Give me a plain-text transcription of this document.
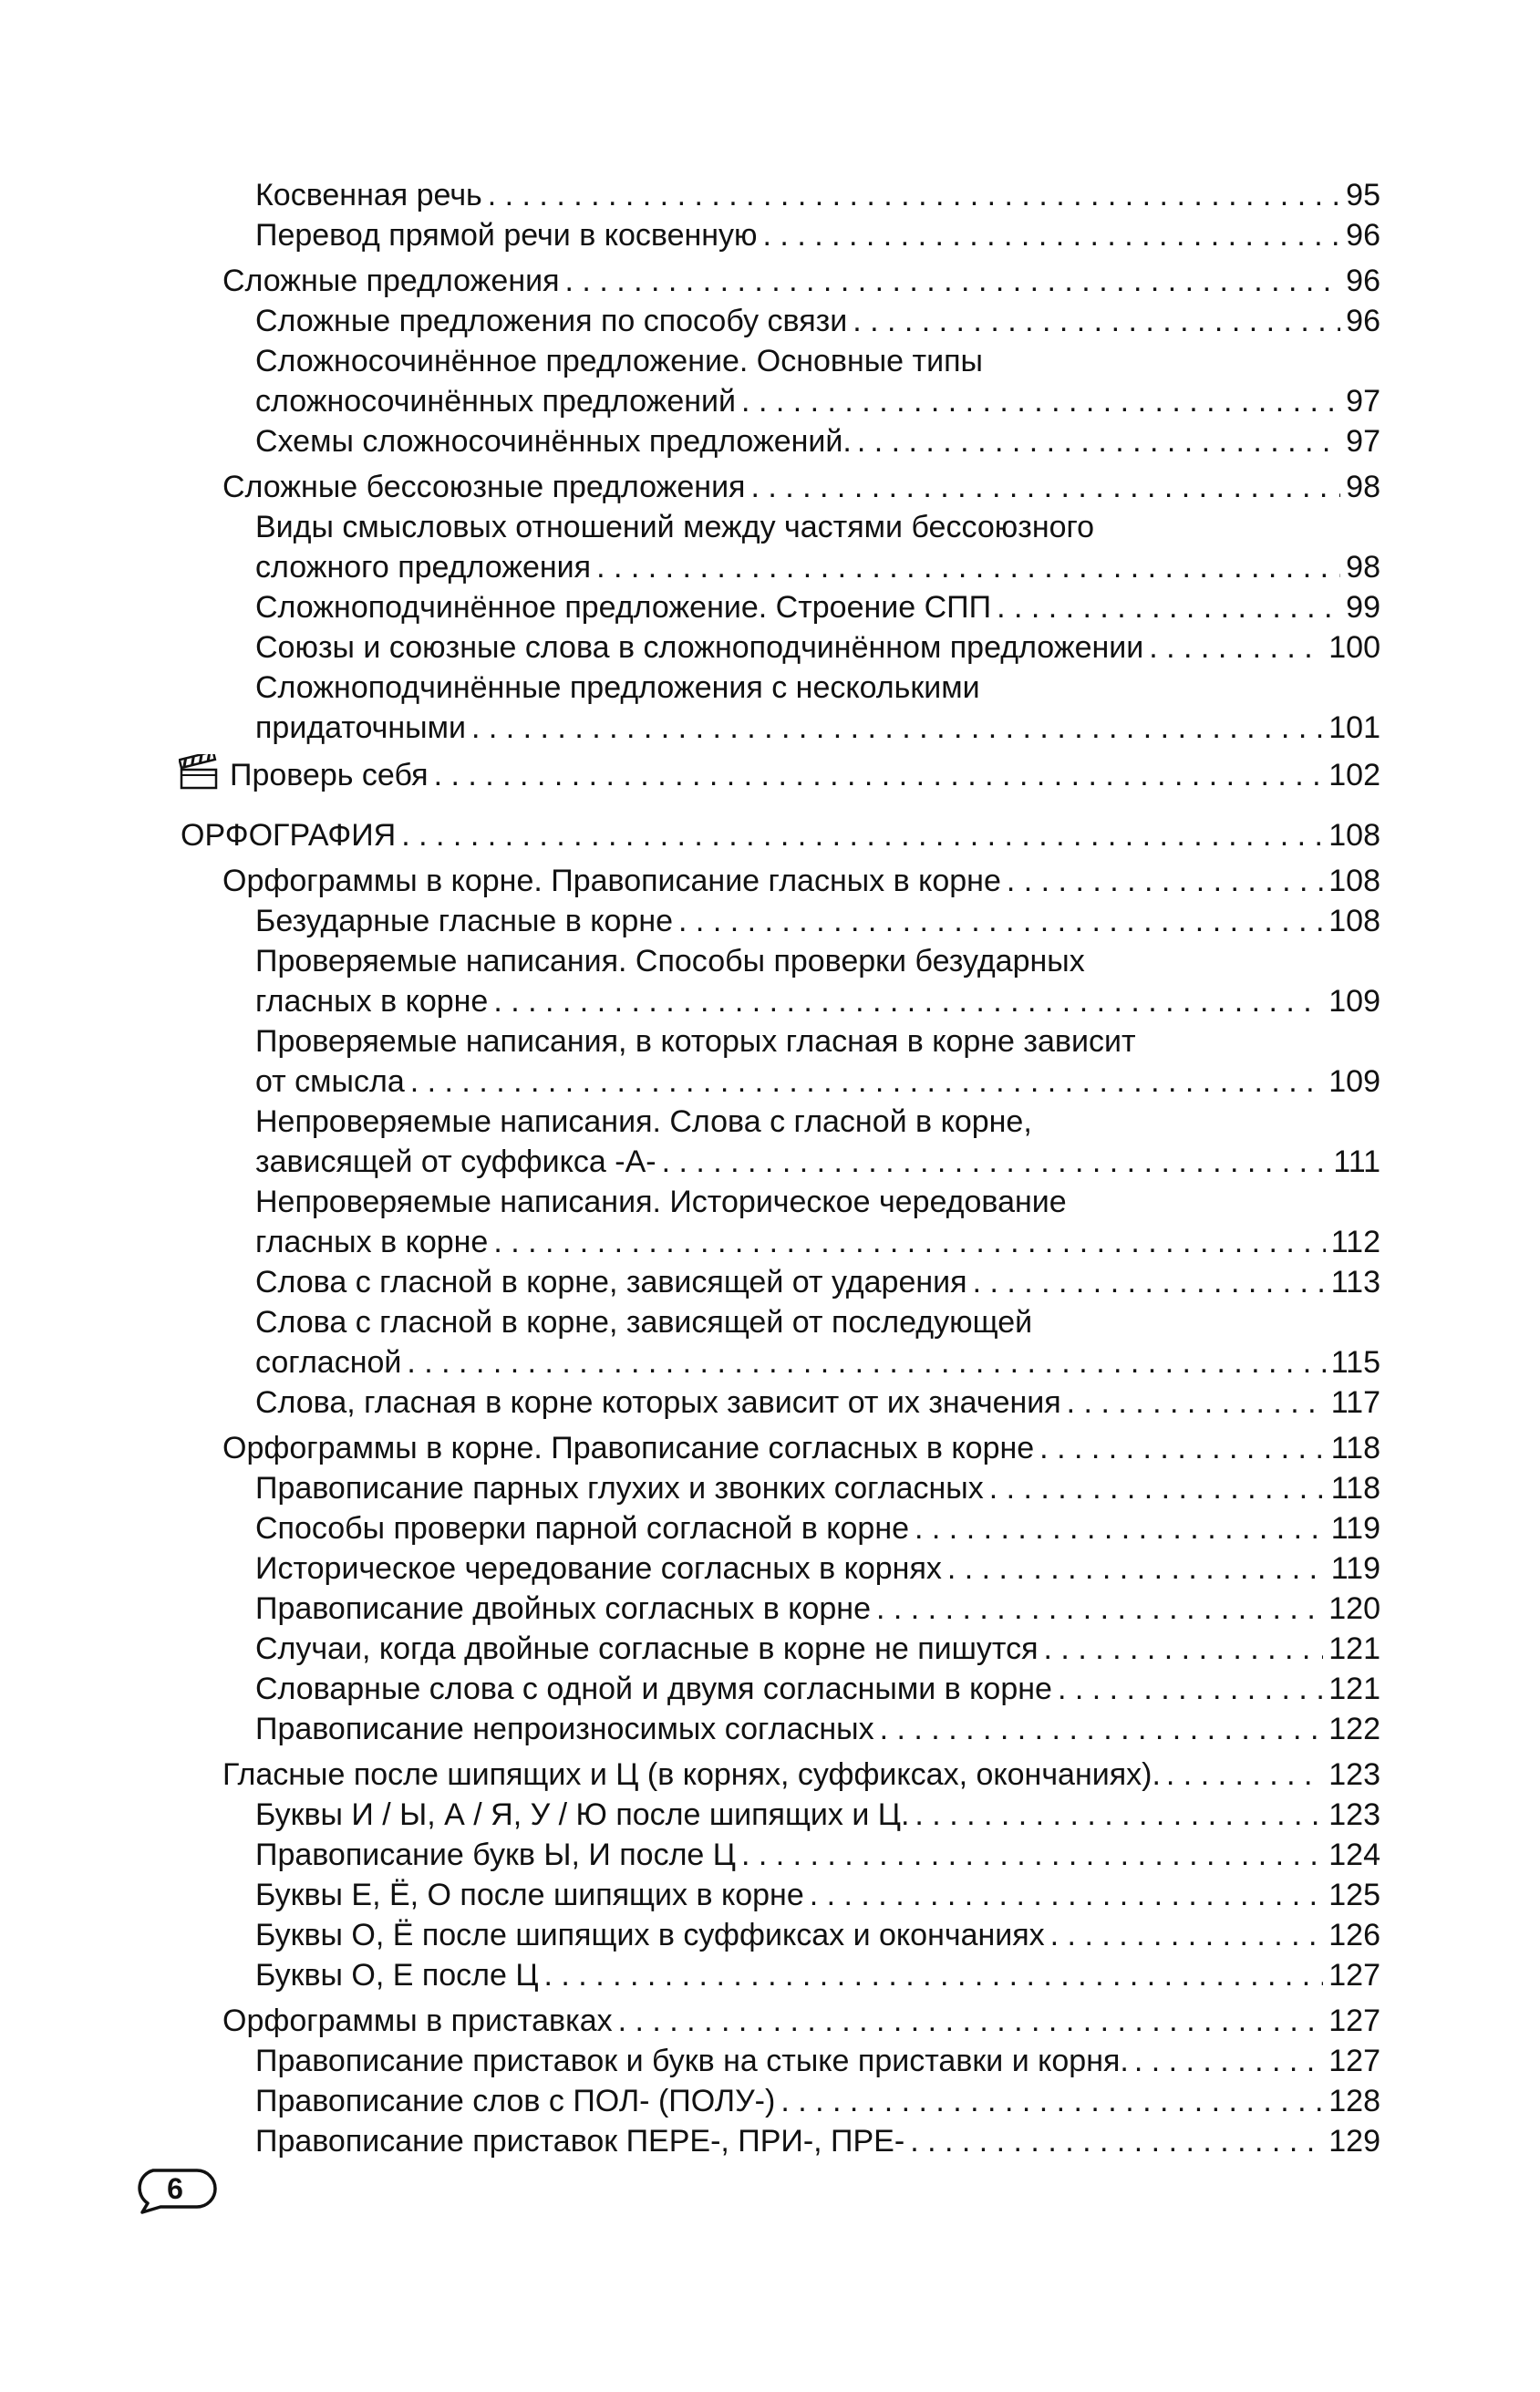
Косвенная речь . . .	95
Перевод прямой речи в косвенную . . .	96
Сложные предложения . . .	96
Сложные предложения по способу связи . . .	96
Сложносочинённое предложение. Основные типы
сложносочинённых предложений . . .	97
Схемы сложносочинённых предложений. . . .	97
Сложные бессоюзные предложения . . .	98
Виды смысловых отношений между частями бессоюзного
сложного предложения . . .	98
Сложноподчинённое предложение. Строение СПП . . .	99
Союзы и союзные слова в сложноподчинённом предложении . . .	100
Сложноподчинённые предложения с несколькими
придаточными . . .	101
Проверь себя . . .	102
ОРФОГРАФИЯ . . .	108
Орфограммы в корне. Правописание гласных в корне . . .	108
Безударные гласные в корне . . .	108
Проверяемые написания. Способы проверки безударных
гласных в корне . . .	109
Проверяемые написания, в которых гласная в корне зависит
от смысла . . .	109
Непроверяемые написания. Слова с гласной в корне,
зависящей от суффикса -А- . . .	111
Непроверяемые написания. Историческое чередование
гласных в корне . . .	112
Слова с гласной в корне, зависящей от ударения . . .	113
Слова с гласной в корне, зависящей от последующей
согласной . . .	115
Слова, гласная в корне которых зависит от их значения . . .	117
Орфограммы в корне. Правописание согласных в корне . . .	118
Правописание парных глухих и звонких согласных . . .	118
Способы проверки парной согласной в корне . . .	119
Историческое чередование согласных в корнях . . .	119
Правописание двойных согласных в корне . . .	120
Случаи, когда двойные согласные в корне не пишутся . . .	121
Словарные слова с одной и двумя согласными в корне . . .	121
Правописание непроизносимых согласных . . .	122
Гласные после шипящих и Ц (в корнях, суффиксах, окончаниях). . . .	123
Буквы И / Ы, А / Я, У / Ю после шипящих и Ц. . . .	123
Правописание букв Ы, И после Ц . . .	124
Буквы Е, Ё, О после шипящих в корне . . .	125
Буквы О, Ё после шипящих в суффиксах и окончаниях . . .	126
Буквы О, Е после Ц . . .	127
Орфограммы в приставках . . .	127
Правописание приставок и букв на стыке приставки и корня. . . .	127
Правописание слов с ПОЛ- (ПОЛУ-) . . .	128
Правописание приставок ПЕРЕ-, ПРИ-, ПРЕ- . . .	129
6
